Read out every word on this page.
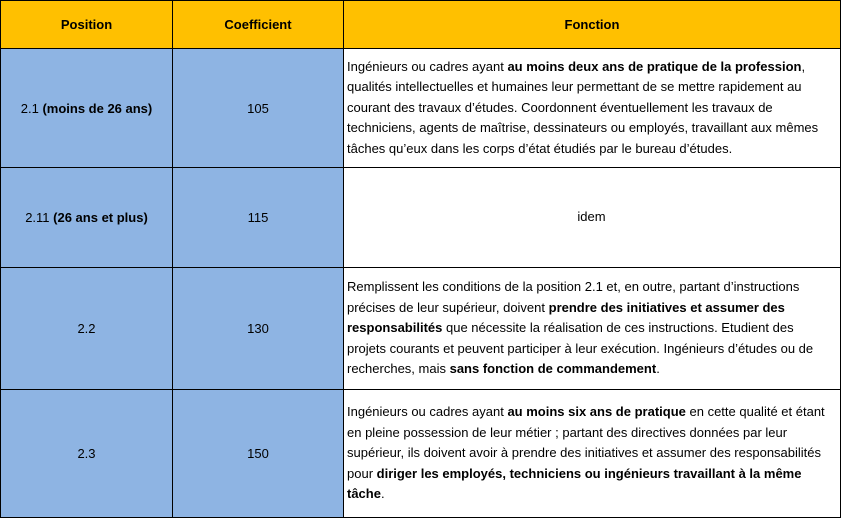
Position	Coefficient	Fonction
2.1 (moins de 26 ans)	105	Ingénieurs ou cadres ayant au moins deux ans de pratique de la profession, qualités intellectuelles et humaines leur permettant de se mettre rapidement au courant des travaux d’études. Coordonnent éventuellement les travaux de techniciens, agents de maîtrise, dessinateurs ou employés, travaillant aux mêmes tâches qu’eux dans les corps d’état étudiés par le bureau d’études.
2.11 (26 ans et plus)	115	idem
2.2	130	Remplissent les conditions de la position 2.1 et, en outre, partant d’instructions précises de leur supérieur, doivent prendre des initiatives et assumer des responsabilités que nécessite la réalisation de ces instructions. Etudient des projets courants et peuvent participer à leur exécution. Ingénieurs d’études ou de recherches, mais sans fonction de commandement.
2.3	150	Ingénieurs ou cadres ayant au moins six ans de pratique en cette qualité et étant en pleine possession de leur métier ; partant des directives données par leur supérieur, ils doivent avoir à prendre des initiatives et assumer des responsabilités pour diriger les employés, techniciens ou ingénieurs travaillant à la même tâche.
